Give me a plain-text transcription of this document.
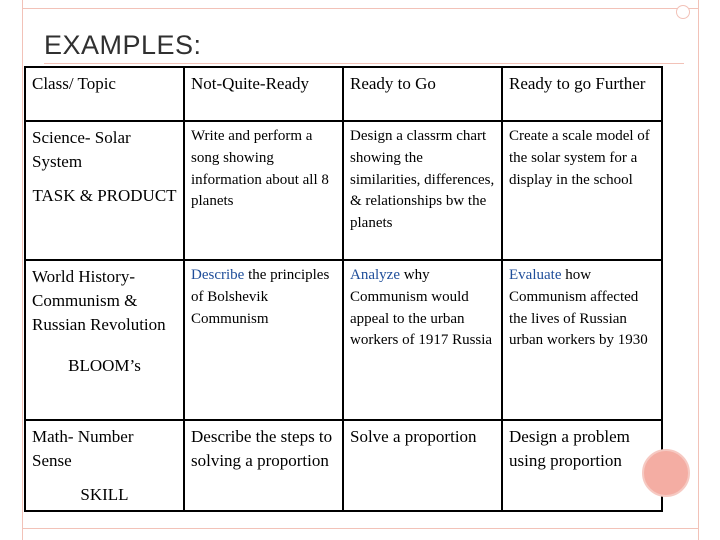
EXAMPLES:
Class/ Topic	Not-Quite-Ready	Ready to Go	Ready to go Further
Science- Solar System
TASK & PRODUCT	Write and perform a song showing information about all 8 planets	Design a classrm chart showing the similarities, differences, & relationships bw the planets	Create a scale model of the solar system for a display in the school
World History- Communism & Russian Revolution
BLOOM’s	Describe the principles of Bolshevik Communism	Analyze why Communism would appeal to the urban workers of 1917 Russia	Evaluate how Communism affected the lives of Russian urban workers by 1930
Math- Number Sense
SKILL	Describe the steps to solving a proportion	Solve a proportion	Design a problem using proportion
